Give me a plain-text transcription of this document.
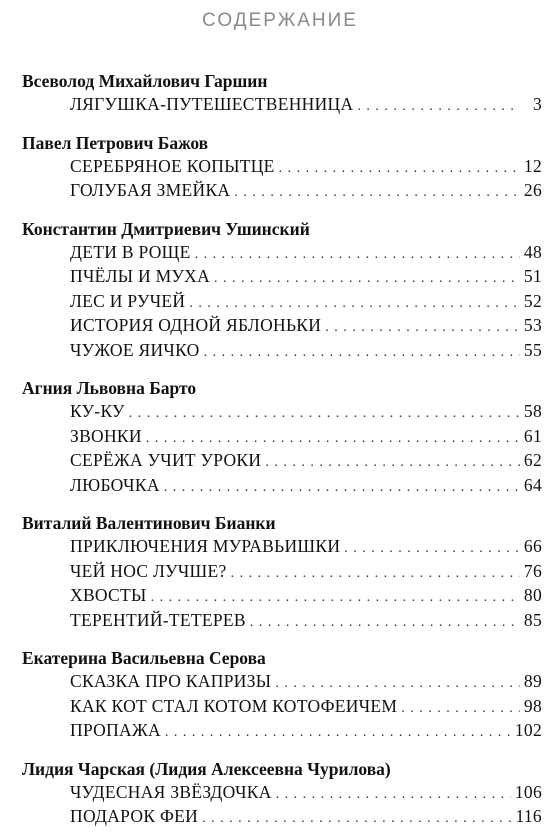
СОДЕРЖАНИЕ
Всеволод Михайлович Гаршин
ЛЯГУШКА-ПУТЕШЕСТВЕННИЦА . . .	3
Павел Петрович Бажов
СЕРЕБРЯНОЕ КОПЫТЦЕ . . .	12
ГОЛУБАЯ ЗМЕЙКА . . .	26
Константин Дмитриевич Ушинский
ДЕТИ В РОЩЕ . . .	48
ПЧЁЛЫ И МУХА . . .	51
ЛЕС И РУЧЕЙ . . .	52
ИСТОРИЯ ОДНОЙ ЯБЛОНЬКИ . . .	53
ЧУЖОЕ ЯИЧКО . . .	55
Агния Львовна Барто
КУ-КУ . . .	58
ЗВОНКИ . . .	61
СЕРЁЖА УЧИТ УРОКИ . . .	62
ЛЮБОЧКА . . .	64
Виталий Валентинович Бианки
ПРИКЛЮЧЕНИЯ МУРАВЬИШКИ . . .	66
ЧЕЙ НОС ЛУЧШЕ? . . .	76
ХВОСТЫ . . .	80
ТЕРЕНТИЙ-ТЕТЕРЕВ . . .	85
Екатерина Васильевна Серова
СКАЗКА ПРО КАПРИЗЫ . . .	89
КАК КОТ СТАЛ КОТОМ КОТОФЕИЧЕМ . . .	98
ПРОПАЖА . . .	102
Лидия Чарская (Лидия Алексеевна Чурилова)
ЧУДЕСНАЯ ЗВЁЗДОЧКА . . .	106
ПОДАРОК ФЕИ . . .	116
